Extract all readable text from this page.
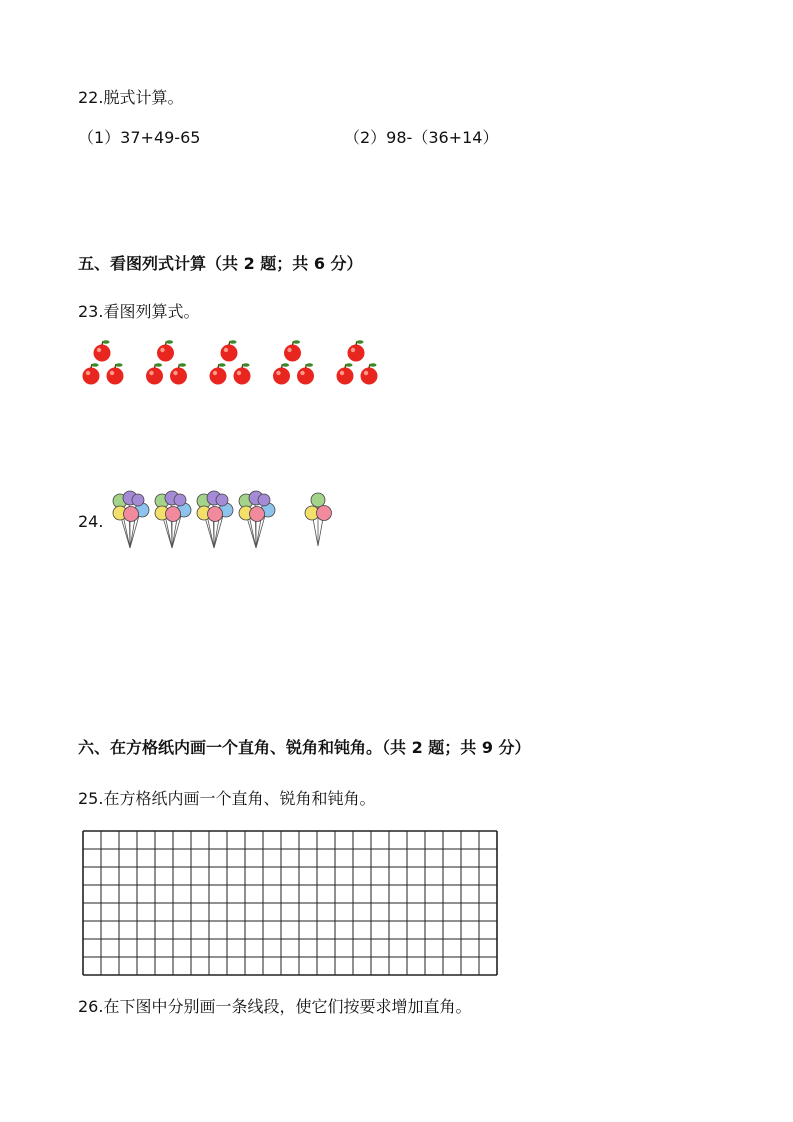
22.脱式计算。
（1）37+49-65	（2）98-（36+14）
五、看图列式计算（共 2 题；共 6 分）
23.看图列算式。
24.
六、在方格纸内画一个直角、锐角和钝角。（共 2 题；共 9 分）
25.在方格纸内画一个直角、锐角和钝角。
26.在下图中分别画一条线段，使它们按要求增加直角。
